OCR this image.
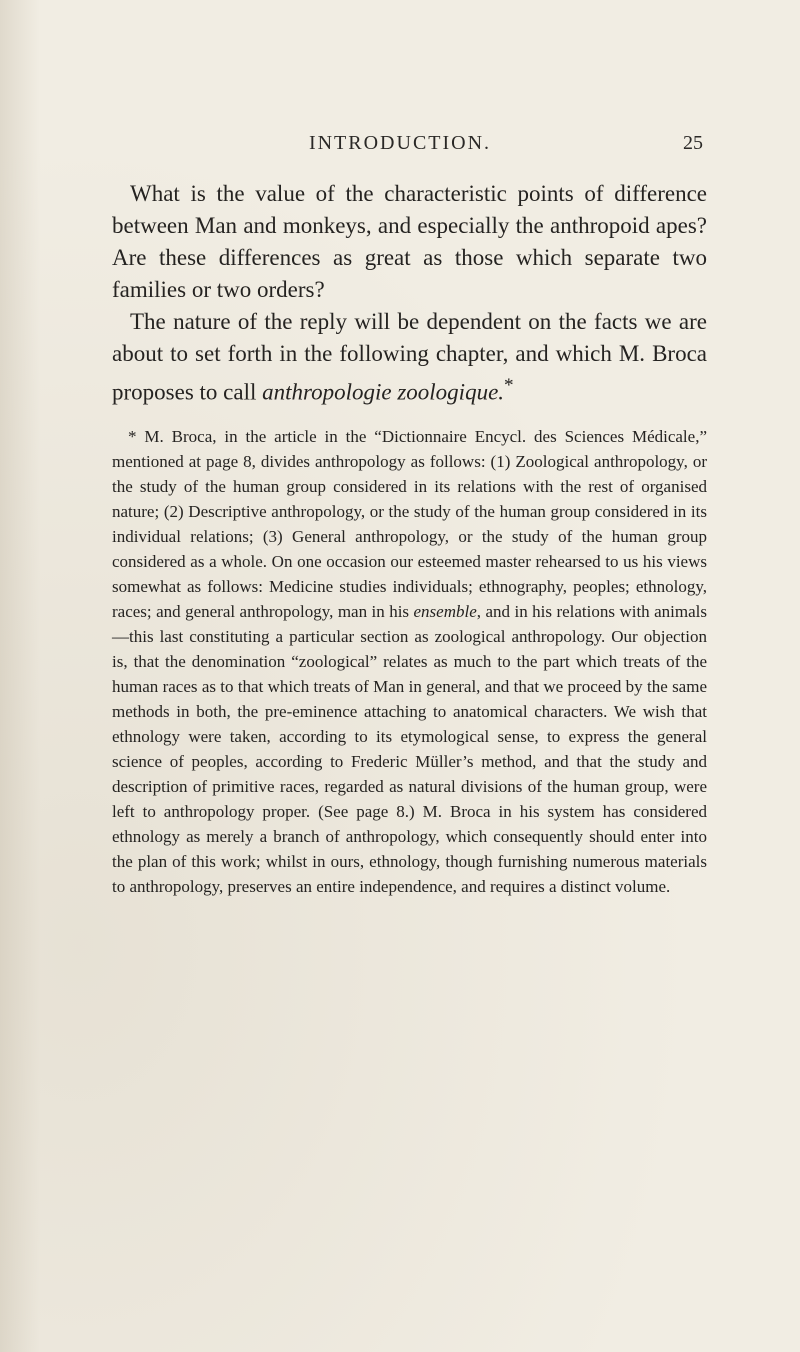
INTRODUCTION.	25

What is the value of the characteristic points of difference between Man and monkeys, and especially the anthropoid apes? Are these differences as great as those which separate two families or two orders?

The nature of the reply will be dependent on the facts we are about to set forth in the following chapter, and which M. Broca proposes to call anthropologie zoologique.*

* M. Broca, in the article in the “Dictionnaire Encycl. des Sciences Médicale,” mentioned at page 8, divides anthropology as follows: (1) Zoological anthropology, or the study of the human group considered in its relations with the rest of organised nature; (2) Descriptive anthropology, or the study of the human group considered in its individual relations; (3) General anthropology, or the study of the human group considered as a whole. On one occasion our esteemed master rehearsed to us his views somewhat as follows: Medicine studies individuals; ethnography, peoples; ethnology, races; and general anthropology, man in his ensemble, and in his relations with animals—this last constituting a particular section as zoological anthropology. Our objection is, that the denomination “zoological” relates as much to the part which treats of the human races as to that which treats of Man in general, and that we proceed by the same methods in both, the pre-eminence attaching to anatomical characters. We wish that ethnology were taken, according to its etymological sense, to express the general science of peoples, according to Frederic Müller’s method, and that the study and description of primitive races, regarded as natural divisions of the human group, were left to anthropology proper. (See page 8.) M. Broca in his system has considered ethnology as merely a branch of anthropology, which consequently should enter into the plan of this work; whilst in ours, ethnology, though furnishing numerous materials to anthropology, preserves an entire independence, and requires a distinct volume.
